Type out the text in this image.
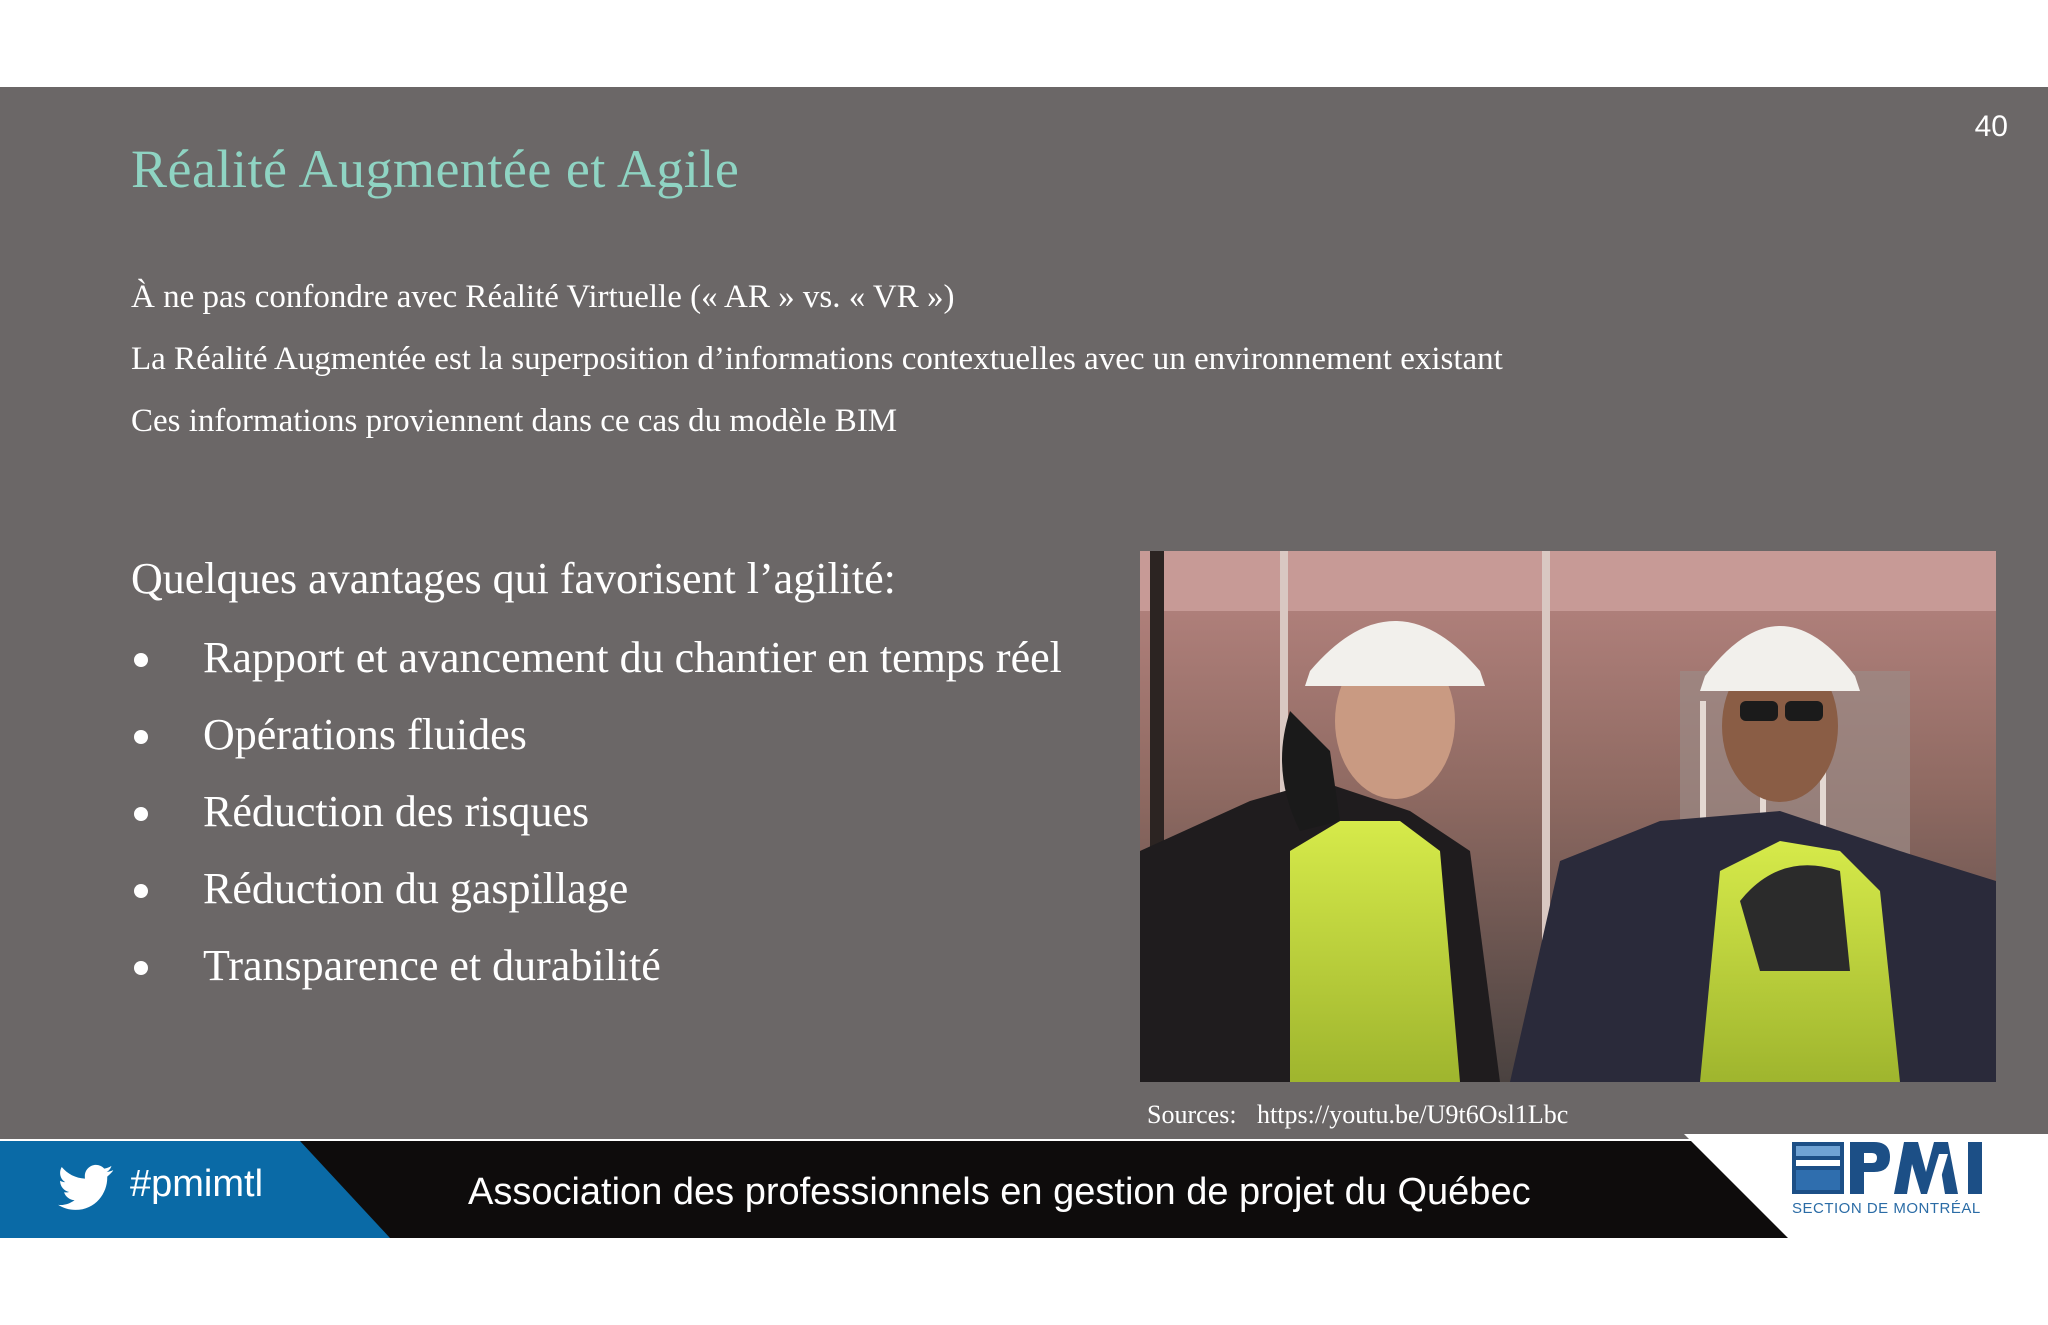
40
Réalité Augmentée et Agile
À ne pas confondre avec Réalité Virtuelle (« AR » vs. « VR »)
La Réalité Augmentée est la superposition d’informations contextuelles avec un environnement existant
Ces informations proviennent dans ce cas du modèle BIM
Quelques avantages qui favorisent l’agilité:
Rapport et avancement du chantier en temps réel
Opérations fluides
Réduction des risques
Réduction du gaspillage
Transparence et durabilité
Sources: https://youtu.be/U9t6Osl1Lbc
#pmimtl	Association des professionnels en gestion de projet du Québec	SECTION DE MONTRÉAL
